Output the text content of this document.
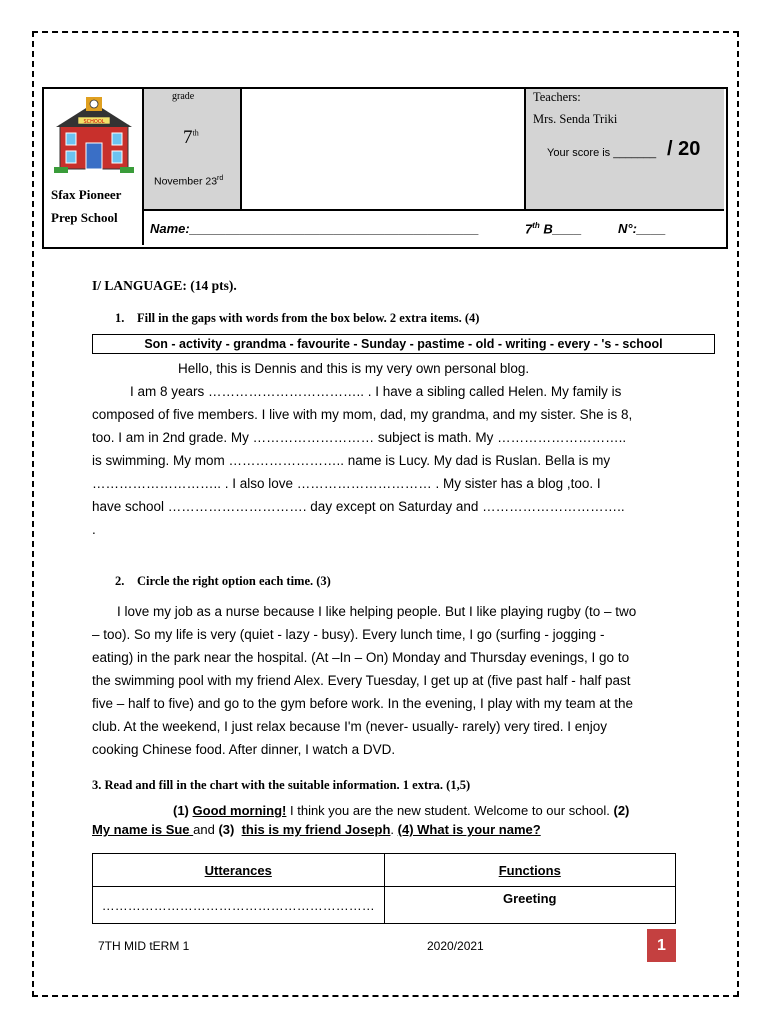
SCHOOL
Sfax Pioneer
Prep School
grade
7th
November 23rd
Teachers:
Mrs. Senda Triki
Your score is _______ / 20
Name:________________________________________	7th B____	N°:____
I/ LANGUAGE: (14 pts).
1. Fill in the gaps with words from the box below. 2 extra items. (4)
Son - activity - grandma - favourite - Sunday - pastime - old - writing - every - 's - school
Hello, this is Dennis and this is my very own personal blog.
I am 8 years …………………………….. . I have a sibling called Helen. My family is
composed of five members. I live with my mom, dad, my grandma, and my sister. She is 8,
too. I am in 2nd grade. My ……………………… subject is math. My ………………………..
is swimming. My mom …………………….. name is Lucy. My dad is Ruslan. Bella is my
……………………….. . I also love ………………………… . My sister has a blog ,too. I
have school …………………………. day except on Saturday and …………………………..
.
2. Circle the right option each time. (3)
I love my job as a nurse because I like helping people. But I like playing rugby (to – two
– too). So my life is very (quiet - lazy - busy). Every lunch time, I go (surfing - jogging -
eating) in the park near the hospital. (At –In – On) Monday and Thursday evenings, I go to
the swimming pool with my friend Alex. Every Tuesday, I get up at (five past half - half past
five – half to five) and go to the gym before work. In the evening, I play with my team at the
club. At the weekend, I just relax because I'm (never- usually- rarely) very tired. I enjoy
cooking Chinese food. After dinner, I watch a DVD.
3. Read and fill in the chart with the suitable information. 1 extra. (1,5)
(1) Good morning! I think you are the new student. Welcome to our school. (2)
My name is Sue and (3) this is my friend Joseph. (4) What is your name?
Utterances	Functions
………………………………………………………	Greeting
7TH MID tERM 1	2020/2021	1
